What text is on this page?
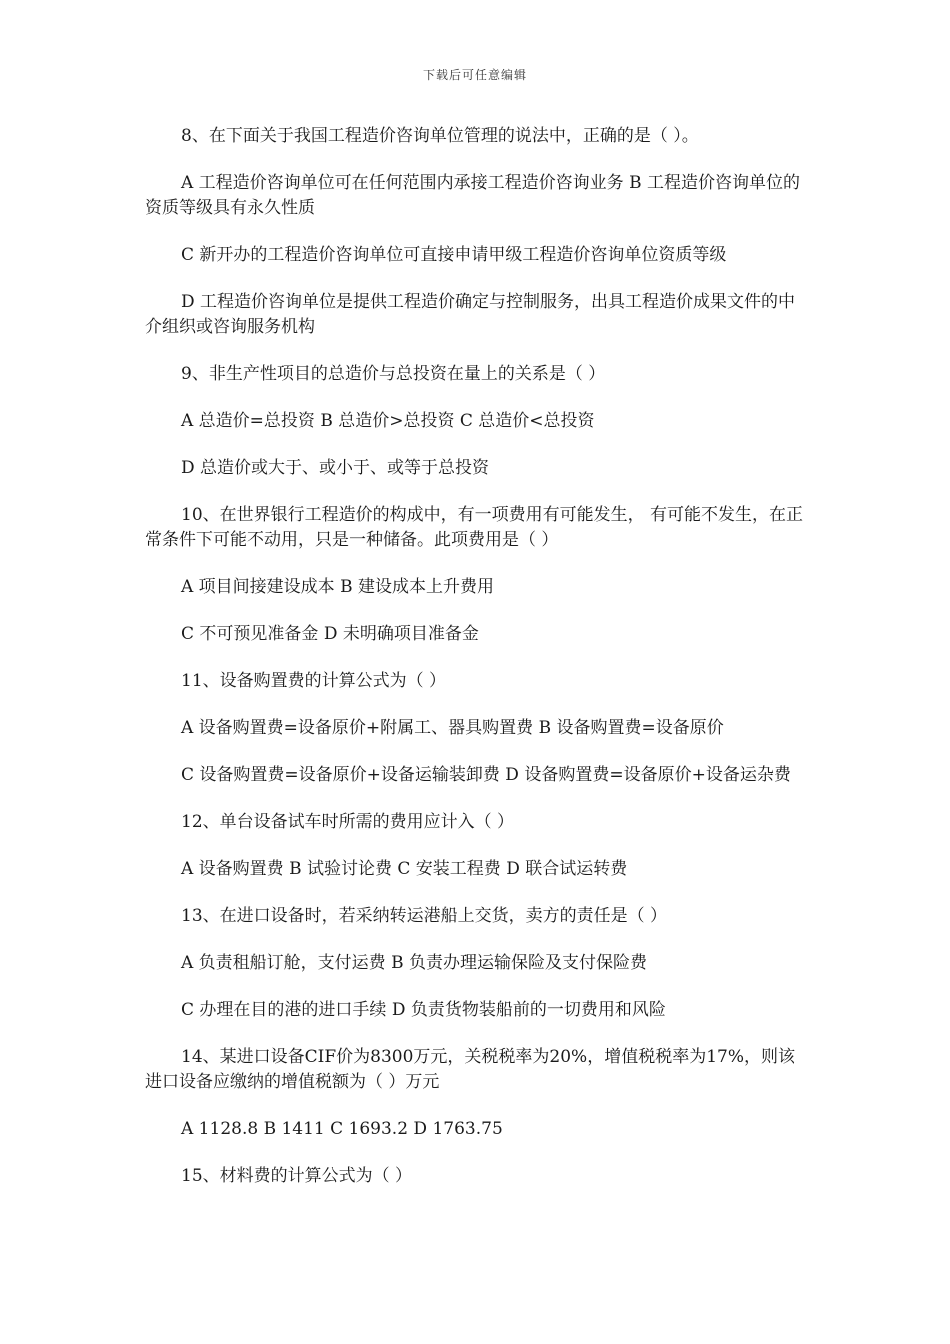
下载后可任意编辑

8、在下面关于我国工程造价咨询单位管理的说法中，正确的是（ ）。

A 工程造价咨询单位可在任何范围内承接工程造价咨询业务 B 工程造价咨询单位的资质等级具有永久性质

C 新开办的工程造价咨询单位可直接申请甲级工程造价咨询单位资质等级

D 工程造价咨询单位是提供工程造价确定与控制服务，出具工程造价成果文件的中介组织或咨询服务机构

9、非生产性项目的总造价与总投资在量上的关系是（ ）

A 总造价=总投资 B 总造价>总投资 C 总造价<总投资

D 总造价或大于、或小于、或等于总投资

10、在世界银行工程造价的构成中，有一项费用有可能发生， 有可能不发生，在正常条件下可能不动用，只是一种储备。此项费用是（ ）

A 项目间接建设成本 B 建设成本上升费用

C 不可预见准备金 D 未明确项目准备金

11、设备购置费的计算公式为（ ）

A 设备购置费=设备原价+附属工、器具购置费 B 设备购置费=设备原价

C 设备购置费=设备原价+设备运输装卸费 D 设备购置费=设备原价+设备运杂费

12、单台设备试车时所需的费用应计入（ ）

A 设备购置费 B 试验讨论费 C 安装工程费 D 联合试运转费

13、在进口设备时，若采纳转运港船上交货，卖方的责任是（ ）

A 负责租船订舱，支付运费 B 负责办理运输保险及支付保险费

C 办理在目的港的进口手续 D 负责货物装船前的一切费用和风险

14、某进口设备CIF价为8300万元，关税税率为20%，增值税税率为17%，则该进口设备应缴纳的增值税额为（ ）万元

A 1128.8 B 1411 C 1693.2 D 1763.75

15、材料费的计算公式为（ ）
